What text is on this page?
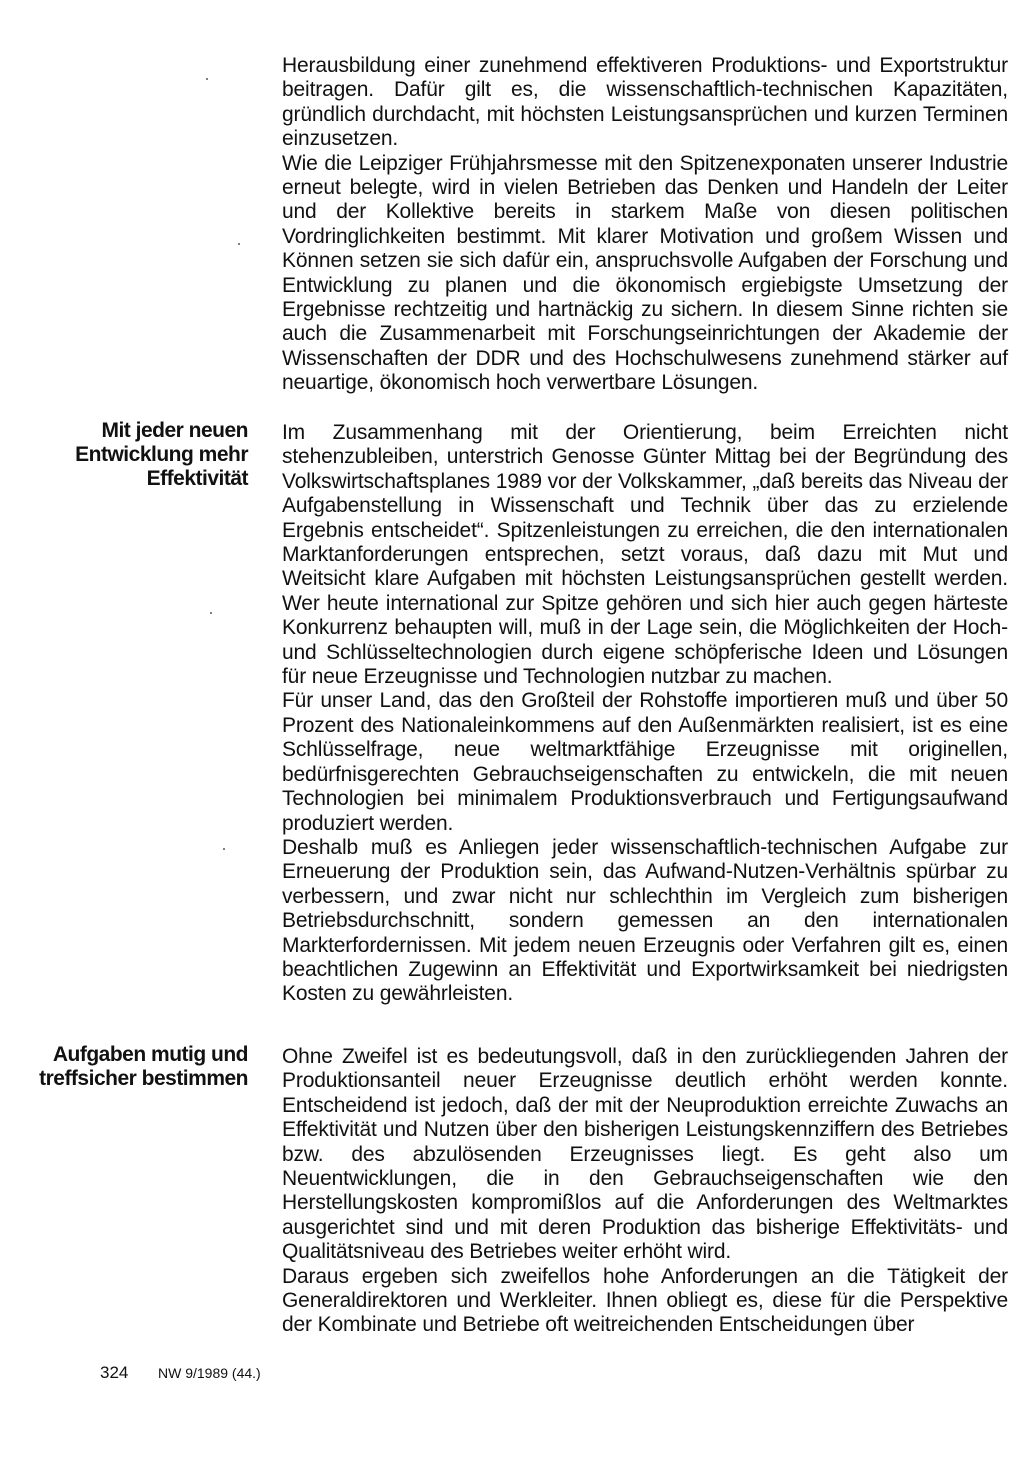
Herausbildung einer zunehmend effektiveren Produktions- und Exportstruktur beitragen. Dafür gilt es, die wissenschaftlich-technischen Kapazitäten, gründlich durchdacht, mit höchsten Leistungsansprüchen und kurzen Terminen einzusetzen.

Wie die Leipziger Frühjahrsmesse mit den Spitzenexponaten unserer Industrie erneut belegte, wird in vielen Betrieben das Denken und Handeln der Leiter und der Kollektive bereits in starkem Maße von diesen politischen Vordringlichkeiten bestimmt. Mit klarer Motivation und großem Wissen und Können setzen sie sich dafür ein, anspruchsvolle Aufgaben der Forschung und Entwicklung zu planen und die ökonomisch ergiebigste Umsetzung der Ergebnisse rechtzeitig und hartnäckig zu sichern. In diesem Sinne richten sie auch die Zusammenarbeit mit Forschungseinrichtungen der Akademie der Wissenschaften der DDR und des Hochschulwesens zunehmend stärker auf neuartige, ökonomisch hoch verwertbare Lösungen.

Mit jeder neuen Entwicklung mehr Effektivität

Im Zusammenhang mit der Orientierung, beim Erreichten nicht stehenzubleiben, unterstrich Genosse Günter Mittag bei der Begründung des Volkswirtschaftsplanes 1989 vor der Volkskammer, „daß bereits das Niveau der Aufgabenstellung in Wissenschaft und Technik über das zu erzielende Ergebnis entscheidet“. Spitzenleistungen zu erreichen, die den internationalen Marktanforderungen entsprechen, setzt voraus, daß dazu mit Mut und Weitsicht klare Aufgaben mit höchsten Leistungsansprüchen gestellt werden. Wer heute international zur Spitze gehören und sich hier auch gegen härteste Konkurrenz behaupten will, muß in der Lage sein, die Möglichkeiten der Hoch- und Schlüsseltechnologien durch eigene schöpferische Ideen und Lösungen für neue Erzeugnisse und Technologien nutzbar zu machen.

Für unser Land, das den Großteil der Rohstoffe importieren muß und über 50 Prozent des Nationaleinkommens auf den Außenmärkten realisiert, ist es eine Schlüsselfrage, neue weltmarktfähige Erzeugnisse mit originellen, bedürfnisgerechten Gebrauchseigenschaften zu entwickeln, die mit neuen Technologien bei minimalem Produktionsverbrauch und Fertigungsaufwand produziert werden.

Deshalb muß es Anliegen jeder wissenschaftlich-technischen Aufgabe zur Erneuerung der Produktion sein, das Aufwand-Nutzen-Verhältnis spürbar zu verbessern, und zwar nicht nur schlechthin im Vergleich zum bisherigen Betriebsdurchschnitt, sondern gemessen an den internationalen Markterfordernissen. Mit jedem neuen Erzeugnis oder Verfahren gilt es, einen beachtlichen Zugewinn an Effektivität und Exportwirksamkeit bei niedrigsten Kosten zu gewährleisten.

Aufgaben mutig und treffsicher bestimmen

Ohne Zweifel ist es bedeutungsvoll, daß in den zurückliegenden Jahren der Produktionsanteil neuer Erzeugnisse deutlich erhöht werden konnte. Entscheidend ist jedoch, daß der mit der Neuproduktion erreichte Zuwachs an Effektivität und Nutzen über den bisherigen Leistungskennziffern des Betriebes bzw. des abzulösenden Erzeugnisses liegt. Es geht also um Neuentwicklungen, die in den Gebrauchseigenschaften wie den Herstellungskosten kompromißlos auf die Anforderungen des Weltmarktes ausgerichtet sind und mit deren Produktion das bisherige Effektivitäts- und Qualitätsniveau des Betriebes weiter erhöht wird.

Daraus ergeben sich zweifellos hohe Anforderungen an die Tätigkeit der Generaldirektoren und Werkleiter. Ihnen obliegt es, diese für die Perspektive der Kombinate und Betriebe oft weitreichenden Entscheidungen über

324 NW 9/1989 (44.)
